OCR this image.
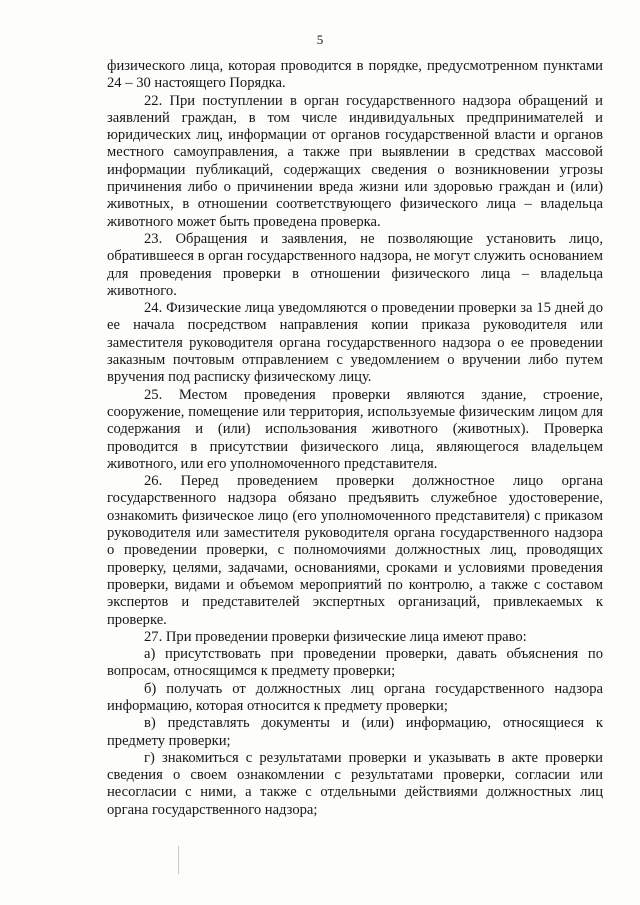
5

физического лица, которая проводится в порядке, предусмотренном пунктами 24 – 30 настоящего Порядка.

22. При поступлении в орган государственного надзора обращений и заявлений граждан, в том числе индивидуальных предпринимателей и юридических лиц, информации от органов государственной власти и органов местного самоуправления, а также при выявлении в средствах массовой информации публикаций, содержащих сведения о возникновении угрозы причинения либо о причинении вреда жизни или здоровью граждан и (или) животных, в отношении соответствующего физического лица – владельца животного может быть проведена проверка.

23. Обращения и заявления, не позволяющие установить лицо, обратившееся в орган государственного надзора, не могут служить основанием для проведения проверки в отношении физического лица – владельца животного.

24. Физические лица уведомляются о проведении проверки за 15 дней до ее начала посредством направления копии приказа руководителя или заместителя руководителя органа государственного надзора о ее проведении заказным почтовым отправлением с уведомлением о вручении либо путем вручения под расписку физическому лицу.

25. Местом проведения проверки являются здание, строение, сооружение, помещение или территория, используемые физическим лицом для содержания и (или) использования животного (животных). Проверка проводится в присутствии физического лица, являющегося владельцем животного, или его уполномоченного представителя.

26. Перед проведением проверки должностное лицо органа государственного надзора обязано предъявить служебное удостоверение, ознакомить физическое лицо (его уполномоченного представителя) с приказом руководителя или заместителя руководителя органа государственного надзора о проведении проверки, с полномочиями должностных лиц, проводящих проверку, целями, задачами, основаниями, сроками и условиями проведения проверки, видами и объемом мероприятий по контролю, а также с составом экспертов и представителей экспертных организаций, привлекаемых к проверке.

27. При проведении проверки физические лица имеют право:

а) присутствовать при проведении проверки, давать объяснения по вопросам, относящимся к предмету проверки;

б) получать от должностных лиц органа государственного надзора информацию, которая относится к предмету проверки;

в) представлять документы и (или) информацию, относящиеся к предмету проверки;

г) знакомиться с результатами проверки и указывать в акте проверки сведения о своем ознакомлении с результатами проверки, согласии или несогласии с ними, а также с отдельными действиями должностных лиц органа государственного надзора;
